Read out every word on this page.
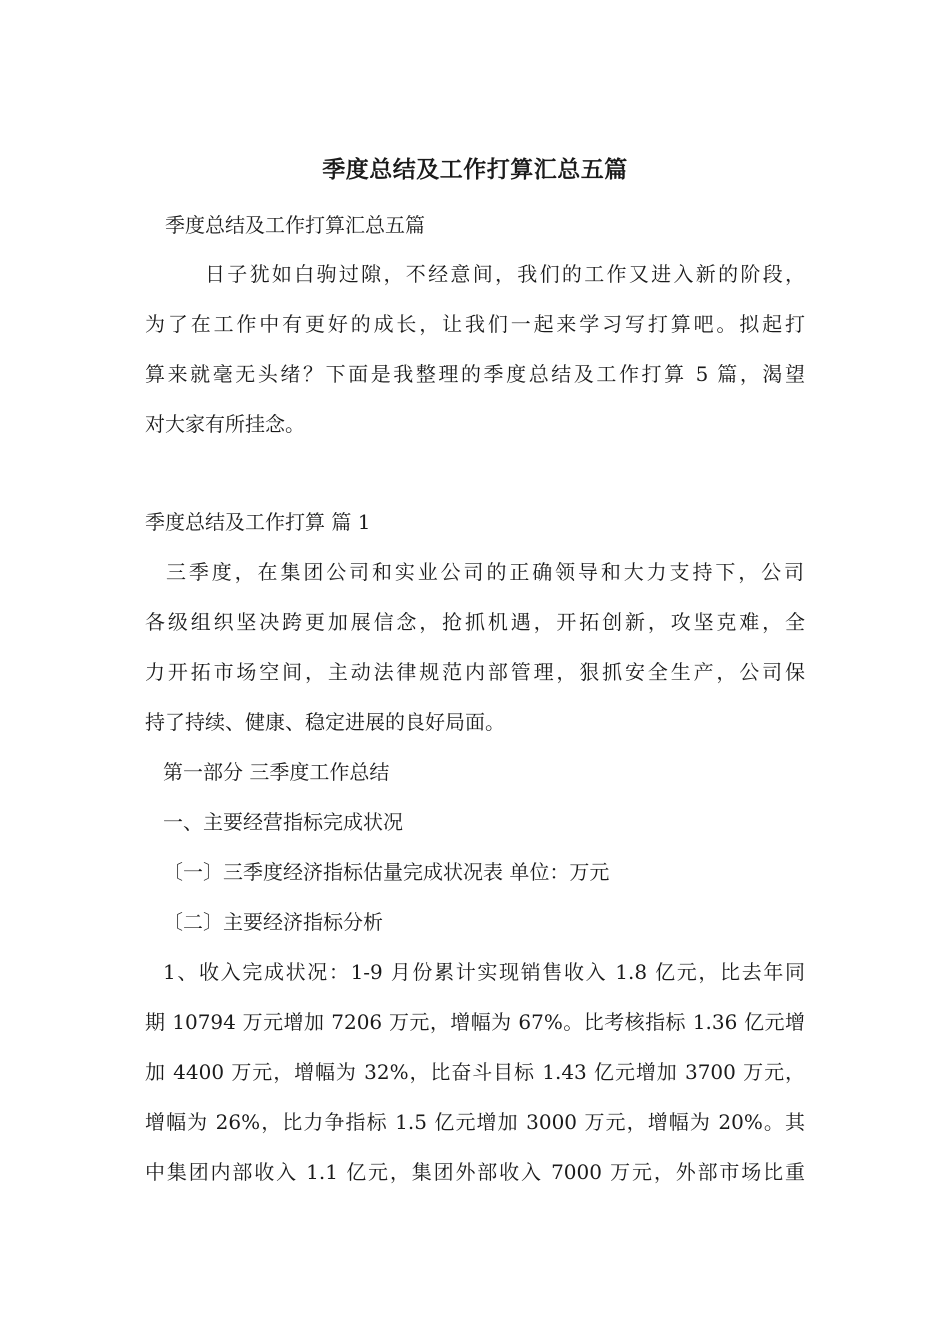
季度总结及工作打算汇总五篇
季度总结及工作打算汇总五篇
日子犹如白驹过隙，不经意间，我们的工作又进入新的阶段，
为了在工作中有更好的成长，让我们一起来学习写打算吧。拟起打
算来就毫无头绪？下面是我整理的季度总结及工作打算 5 篇，渴望
对大家有所挂念。
季度总结及工作打算 篇 1
三季度，在集团公司和实业公司的正确领导和大力支持下，公司
各级组织坚决跨更加展信念，抢抓机遇，开拓创新，攻坚克难，全
力开拓市场空间，主动法律规范内部管理，狠抓安全生产，公司保
持了持续、健康、稳定进展的良好局面。
第一部分 三季度工作总结
一、主要经营指标完成状况
〔一〕三季度经济指标估量完成状况表 单位：万元
〔二〕主要经济指标分析
1、收入完成状况：1-9 月份累计实现销售收入 1.8 亿元，比去年同
期 10794 万元增加 7206 万元，增幅为 67%。比考核指标 1.36 亿元增
加 4400 万元，增幅为 32%，比奋斗目标 1.43 亿元增加 3700 万元，
增幅为 26%，比力争指标 1.5 亿元增加 3000 万元，增幅为 20%。其
中集团内部收入 1.1 亿元，集团外部收入 7000 万元，外部市场比重
